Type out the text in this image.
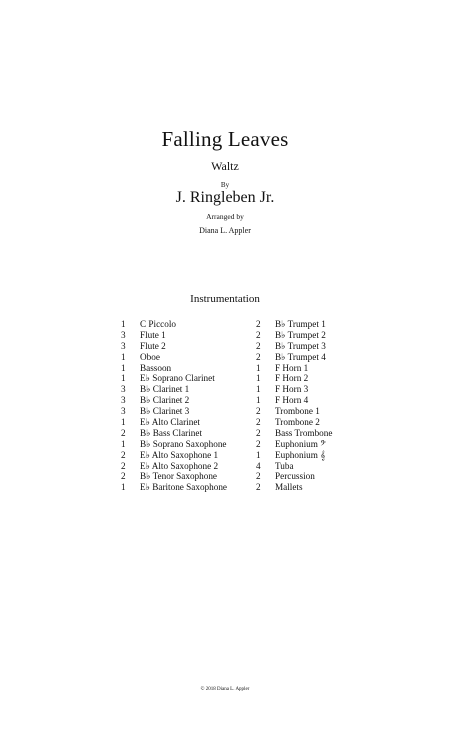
Falling Leaves
Waltz
By
J. Ringleben Jr.
Arranged by
Diana L. Appler
Instrumentation
1	C Piccolo
3	Flute 1
3	Flute 2
1	Oboe
1	Bassoon
1	E♭ Soprano Clarinet
3	B♭ Clarinet 1
3	B♭ Clarinet 2
3	B♭ Clarinet 3
1	E♭ Alto Clarinet
2	B♭ Bass Clarinet
1	B♭ Soprano Saxophone
2	E♭ Alto Saxophone 1
2	E♭ Alto Saxophone 2
2	B♭ Tenor Saxophone
1	E♭ Baritone Saxophone
2	B♭ Trumpet 1
2	B♭ Trumpet 2
2	B♭ Trumpet 3
2	B♭ Trumpet 4
1	F Horn 1
1	F Horn 2
1	F Horn 3
1	F Horn 4
2	Trombone 1
2	Trombone 2
2	Bass Trombone
2	Euphonium 𝄢
1	Euphonium 𝄞
4	Tuba
2	Percussion
2	Mallets
© 2018 Diana L. Appler
